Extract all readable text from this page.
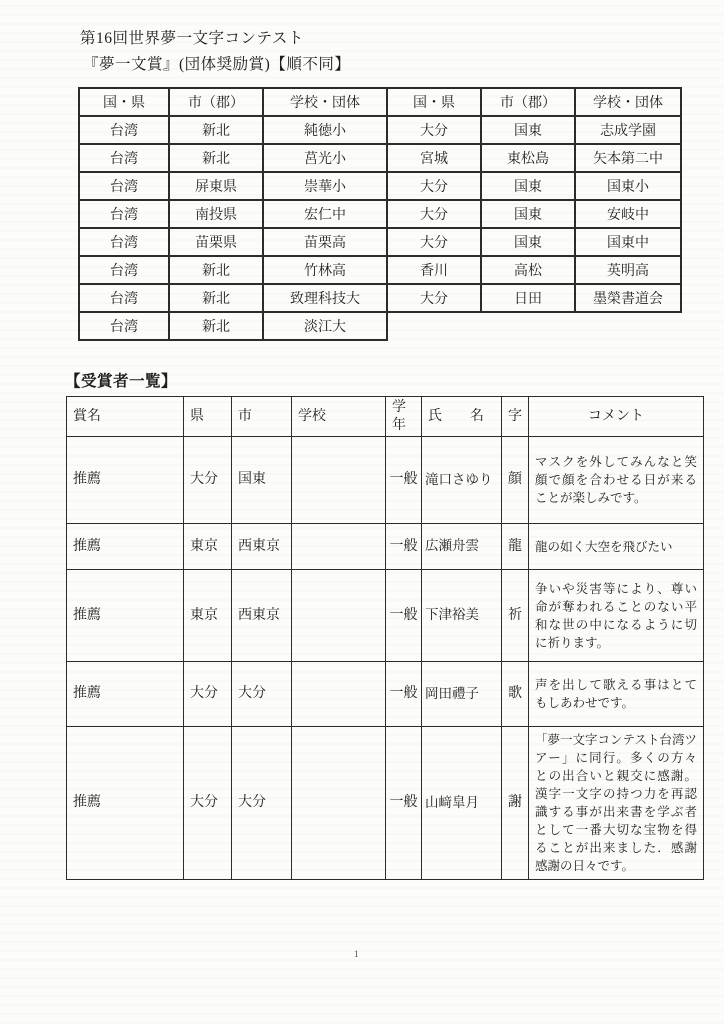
第16回世界夢一文字コンテスト
『夢一文賞』(団体奨励賞)【順不同】
国・県	市（郡）	学校・団体	国・県	市（郡）	学校・団体
台湾	新北	純徳小	大分	国東	志成学園
台湾	新北	莒光小	宮城	東松島	矢本第二中
台湾	屏東県	崇華小	大分	国東	国東小
台湾	南投県	宏仁中	大分	国東	安岐中
台湾	苗栗県	苗栗高	大分	国東	国東中
台湾	新北	竹林高	香川	高松	英明高
台湾	新北	致理科技大	大分	日田	墨榮書道会
台湾	新北	淡江大			
【受賞者一覧】
賞名	県	市	学校	学年	氏　　名	字	コメント
推薦	大分	国東		一般	滝口さゆり	顔	マスクを外してみんなと笑顔で顔を合わせる日が来ることが楽しみです。
推薦	東京	西東京		一般	広瀬舟雲	龍	龍の如く大空を飛びたい
推薦	東京	西東京		一般	下津裕美	祈	争いや災害等により、尊い命が奪われることのない平和な世の中になるように切に祈ります。
推薦	大分	大分		一般	岡田禮子	歌	声を出して歌える事はとてもしあわせです。
推薦	大分	大分		一般	山﨑皐月	謝	「夢一文字コンテスト台湾ツアー」に同行。多くの方々との出合いと親交に感謝。漢字一文字の持つ力を再認識する事が出来書を学ぶ者として一番大切な宝物を得ることが出来ました．感謝感謝の日々です。
1
